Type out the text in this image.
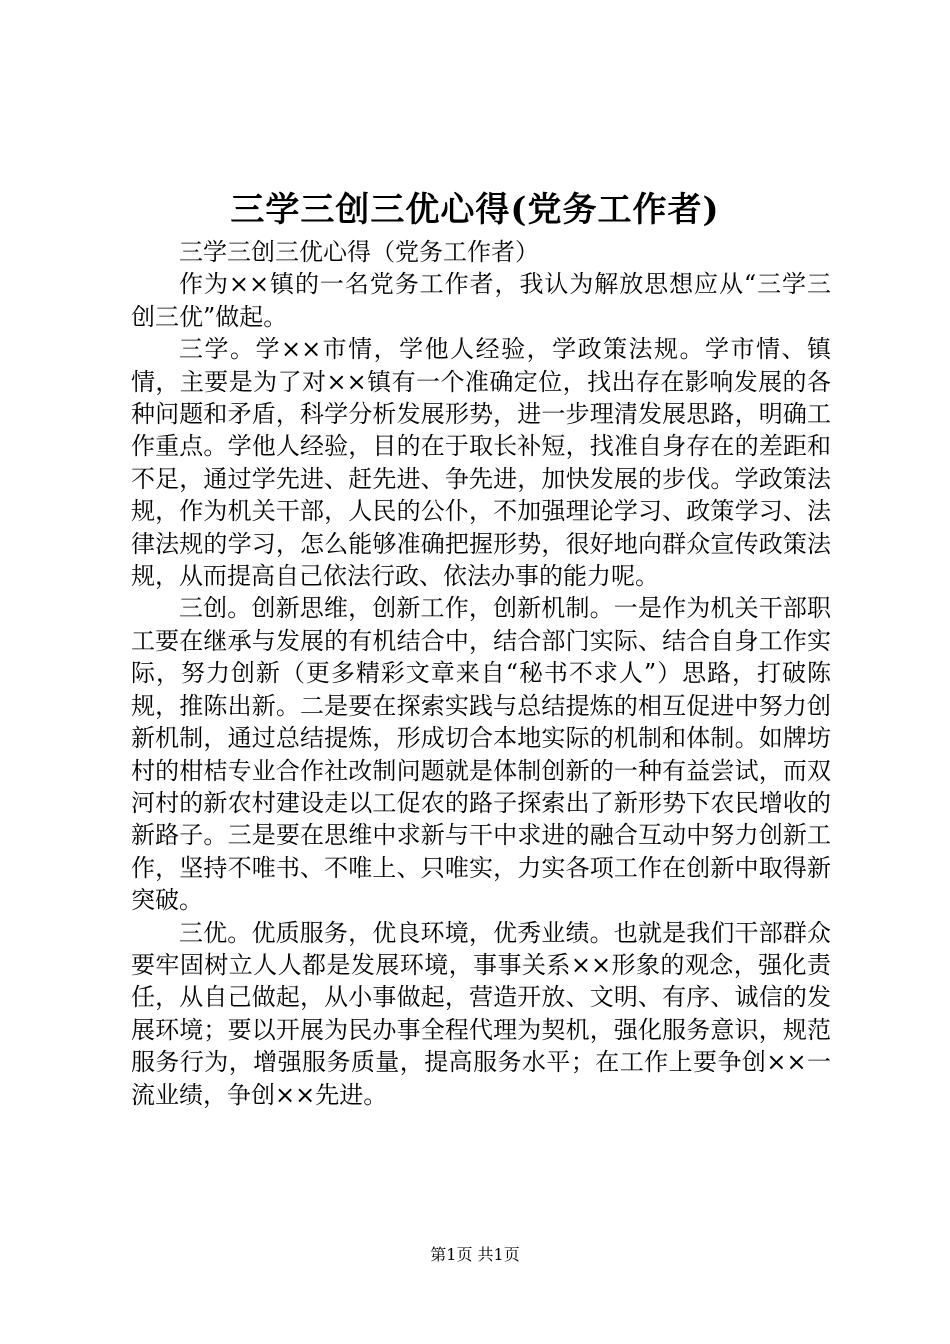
三学三创三优心得(党务工作者)

三学三创三优心得（党务工作者）

作为××镇的一名党务工作者，我认为解放思想应从“三学三创三优”做起。

三学。学××市情，学他人经验，学政策法规。学市情、镇情，主要是为了对××镇有一个准确定位，找出存在影响发展的各种问题和矛盾，科学分析发展形势，进一步理清发展思路，明确工作重点。学他人经验，目的在于取长补短，找准自身存在的差距和不足，通过学先进、赶先进、争先进，加快发展的步伐。学政策法规，作为机关干部，人民的公仆，不加强理论学习、政策学习、法律法规的学习，怎么能够准确把握形势，很好地向群众宣传政策法规，从而提高自己依法行政、依法办事的能力呢。

三创。创新思维，创新工作，创新机制。一是作为机关干部职工要在继承与发展的有机结合中，结合部门实际、结合自身工作实际，努力创新（更多精彩文章来自“秘书不求人”）思路，打破陈规，推陈出新。二是要在探索实践与总结提炼的相互促进中努力创新机制，通过总结提炼，形成切合本地实际的机制和体制。如牌坊村的柑桔专业合作社改制问题就是体制创新的一种有益尝试，而双河村的新农村建设走以工促农的路子探索出了新形势下农民增收的新路子。三是要在思维中求新与干中求进的融合互动中努力创新工作，坚持不唯书、不唯上、只唯实，力实各项工作在创新中取得新突破。

三优。优质服务，优良环境，优秀业绩。也就是我们干部群众要牢固树立人人都是发展环境，事事关系××形象的观念，强化责任，从自己做起，从小事做起，营造开放、文明、有序、诚信的发展环境；要以开展为民办事全程代理为契机，强化服务意识，规范服务行为，增强服务质量，提高服务水平；在工作上要争创××一流业绩，争创××先进。

第1页 共1页
